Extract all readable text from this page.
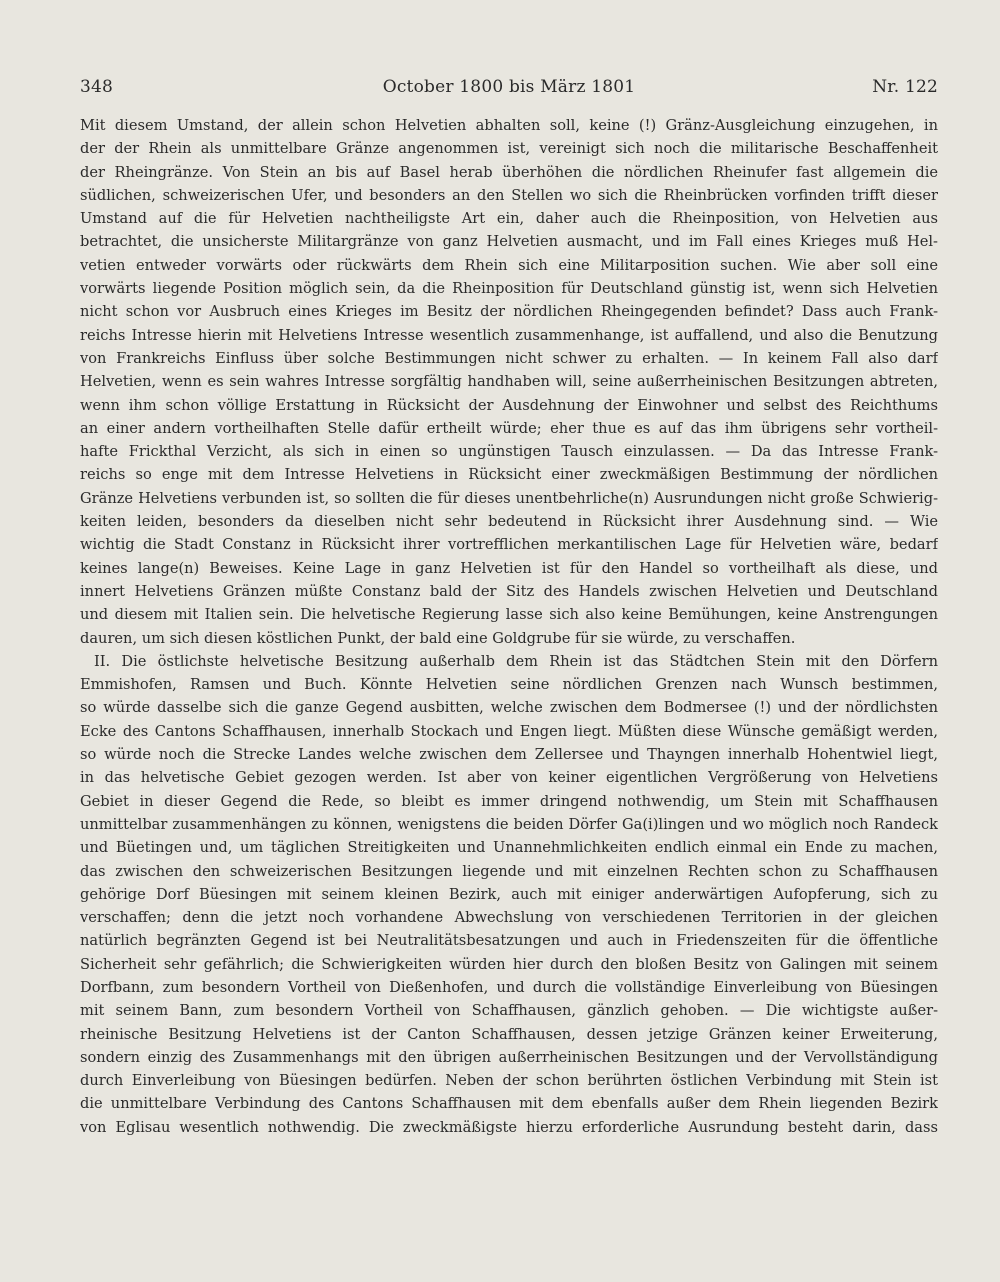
348	October 1800 bis März 1801	Nr. 122
Mit diesem Umstand, der allein schon Helvetien abhalten soll, keine (!) Gränz-Ausgleichung einzugehen, in
der der Rhein als unmittelbare Gränze angenommen ist, vereinigt sich noch die militarische Beschaffenheit
der Rheingränze. Von Stein an bis auf Basel herab überhöhen die nördlichen Rheinufer fast allgemein die
südlichen, schweizerischen Ufer, und besonders an den Stellen wo sich die Rheinbrücken vorfinden trifft dieser
Umstand auf die für Helvetien nachtheiligste Art ein, daher auch die Rheinposition, von Helvetien aus
betrachtet, die unsicherste Militargränze von ganz Helvetien ausmacht, und im Fall eines Krieges muß Hel-
vetien entweder vorwärts oder rückwärts dem Rhein sich eine Militarposition suchen. Wie aber soll eine
vorwärts liegende Position möglich sein, da die Rheinposition für Deutschland günstig ist, wenn sich Helvetien
nicht schon vor Ausbruch eines Krieges im Besitz der nördlichen Rheingegenden befindet? Dass auch Frank-
reichs Intresse hierin mit Helvetiens Intresse wesentlich zusammenhange, ist auffallend, und also die Benutzung
von Frankreichs Einfluss über solche Bestimmungen nicht schwer zu erhalten. — In keinem Fall also darf
Helvetien, wenn es sein wahres Intresse sorgfältig handhaben will, seine außerrheinischen Besitzungen abtreten,
wenn ihm schon völlige Erstattung in Rücksicht der Ausdehnung der Einwohner und selbst des Reichthums
an einer andern vortheilhaften Stelle dafür ertheilt würde; eher thue es auf das ihm übrigens sehr vortheil-
hafte Frickthal Verzicht, als sich in einen so ungünstigen Tausch einzulassen. — Da das Intresse Frank-
reichs so enge mit dem Intresse Helvetiens in Rücksicht einer zweckmäßigen Bestimmung der nördlichen
Gränze Helvetiens verbunden ist, so sollten die für dieses unentbehrliche(n) Ausrundungen nicht große Schwierig-
keiten leiden, besonders da dieselben nicht sehr bedeutend in Rücksicht ihrer Ausdehnung sind. — Wie
wichtig die Stadt Constanz in Rücksicht ihrer vortrefflichen merkantilischen Lage für Helvetien wäre, bedarf
keines lange(n) Beweises. Keine Lage in ganz Helvetien ist für den Handel so vortheilhaft als diese, und
innert Helvetiens Gränzen müßte Constanz bald der Sitz des Handels zwischen Helvetien und Deutschland
und diesem mit Italien sein. Die helvetische Regierung lasse sich also keine Bemühungen, keine Anstrengungen
dauren, um sich diesen köstlichen Punkt, der bald eine Goldgrube für sie würde, zu verschaffen.
II. Die östlichste helvetische Besitzung außerhalb dem Rhein ist das Städtchen Stein mit den Dörfern
Emmishofen, Ramsen und Buch. Könnte Helvetien seine nördlichen Grenzen nach Wunsch bestimmen,
so würde dasselbe sich die ganze Gegend ausbitten, welche zwischen dem Bodmersee (!) und der nördlichsten
Ecke des Cantons Schaffhausen, innerhalb Stockach und Engen liegt. Müßten diese Wünsche gemäßigt werden,
so würde noch die Strecke Landes welche zwischen dem Zellersee und Thayngen innerhalb Hohentwiel liegt,
in das helvetische Gebiet gezogen werden. Ist aber von keiner eigentlichen Vergrößerung von Helvetiens
Gebiet in dieser Gegend die Rede, so bleibt es immer dringend nothwendig, um Stein mit Schaffhausen
unmittelbar zusammenhängen zu können, wenigstens die beiden Dörfer Ga(i)lingen und wo möglich noch Randeck
und Büetingen und, um täglichen Streitigkeiten und Unannehmlichkeiten endlich einmal ein Ende zu machen,
das zwischen den schweizerischen Besitzungen liegende und mit einzelnen Rechten schon zu Schaffhausen
gehörige Dorf Büesingen mit seinem kleinen Bezirk, auch mit einiger anderwärtigen Aufopferung, sich zu
verschaffen; denn die jetzt noch vorhandene Abwechslung von verschiedenen Territorien in der gleichen
natürlich begränzten Gegend ist bei Neutralitätsbesatzungen und auch in Friedenszeiten für die öffentliche
Sicherheit sehr gefährlich; die Schwierigkeiten würden hier durch den bloßen Besitz von Galingen mit seinem
Dorfbann, zum besondern Vortheil von Dießenhofen, und durch die vollständige Einverleibung von Büesingen
mit seinem Bann, zum besondern Vortheil von Schaffhausen, gänzlich gehoben. — Die wichtigste außer-
rheinische Besitzung Helvetiens ist der Canton Schaffhausen, dessen jetzige Gränzen keiner Erweiterung,
sondern einzig des Zusammenhangs mit den übrigen außerrheinischen Besitzungen und der Vervollständigung
durch Einverleibung von Büesingen bedürfen. Neben der schon berührten östlichen Verbindung mit Stein ist
die unmittelbare Verbindung des Cantons Schaffhausen mit dem ebenfalls außer dem Rhein liegenden Bezirk
von Eglisau wesentlich nothwendig. Die zweckmäßigste hierzu erforderliche Ausrundung besteht darin, dass
